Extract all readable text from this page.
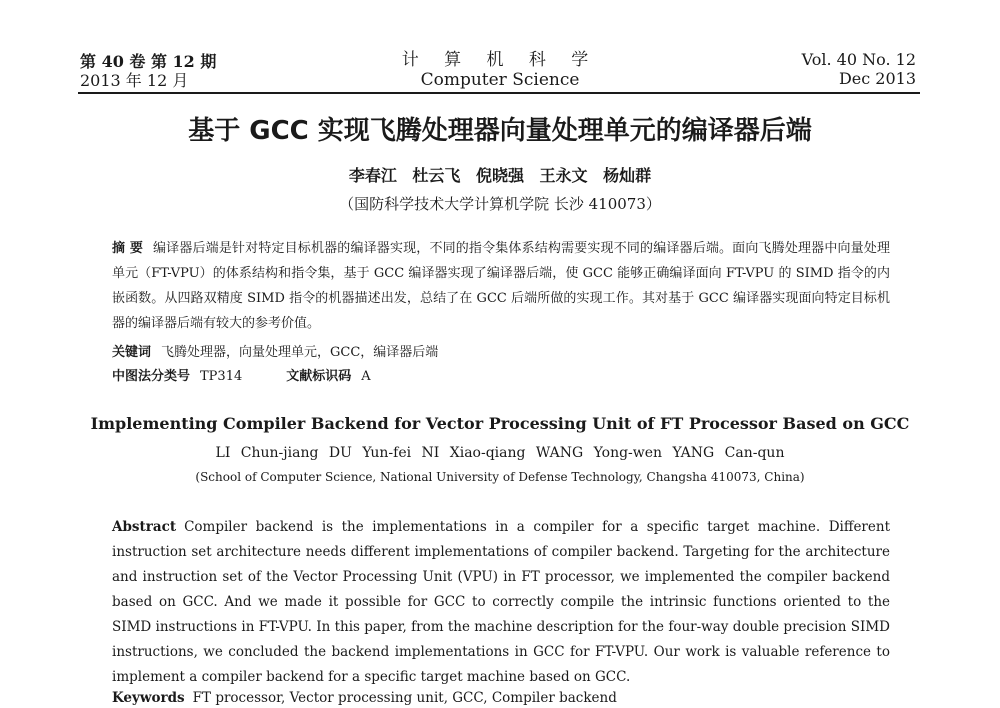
第 40 卷 第 12 期
2013 年 12 月
计 算 机 科 学
Computer Science
Vol. 40 No. 12
Dec 2013
基于 GCC 实现飞腾处理器向量处理单元的编译器后端
李春江 杜云飞 倪晓强 王永文 杨灿群
（国防科学技术大学计算机学院 长沙 410073）
摘 要 编译器后端是针对特定目标机器的编译器实现，不同的指令集体系结构需要实现不同的编译器后端。面向飞腾处理器中向量处理单元（FT-VPU）的体系结构和指令集，基于 GCC 编译器实现了编译器后端，使 GCC 能够正确编译面向 FT-VPU 的 SIMD 指令的内嵌函数。从四路双精度 SIMD 指令的机器描述出发，总结了在 GCC 后端所做的实现工作。其对基于 GCC 编译器实现面向特定目标机器的编译器后端有较大的参考价值。
关键词 飞腾处理器，向量处理单元，GCC，编译器后端
中图法分类号 TP314	文献标识码 A
Implementing Compiler Backend for Vector Processing Unit of FT Processor Based on GCC
LI Chun-jiang DU Yun-fei NI Xiao-qiang WANG Yong-wen YANG Can-qun
(School of Computer Science, National University of Defense Technology, Changsha 410073, China)
Abstract Compiler backend is the implementations in a compiler for a specific target machine. Different instruction set architecture needs different implementations of compiler backend. Targeting for the architecture and instruction set of the Vector Processing Unit (VPU) in FT processor, we implemented the compiler backend based on GCC. And we made it possible for GCC to correctly compile the intrinsic functions oriented to the SIMD instructions in FT-VPU. In this paper, from the machine description for the four-way double precision SIMD instructions, we concluded the backend implementations in GCC for FT-VPU. Our work is valuable reference to implement a compiler backend for a specific target machine based on GCC.
Keywords FT processor, Vector processing unit, GCC, Compiler backend
